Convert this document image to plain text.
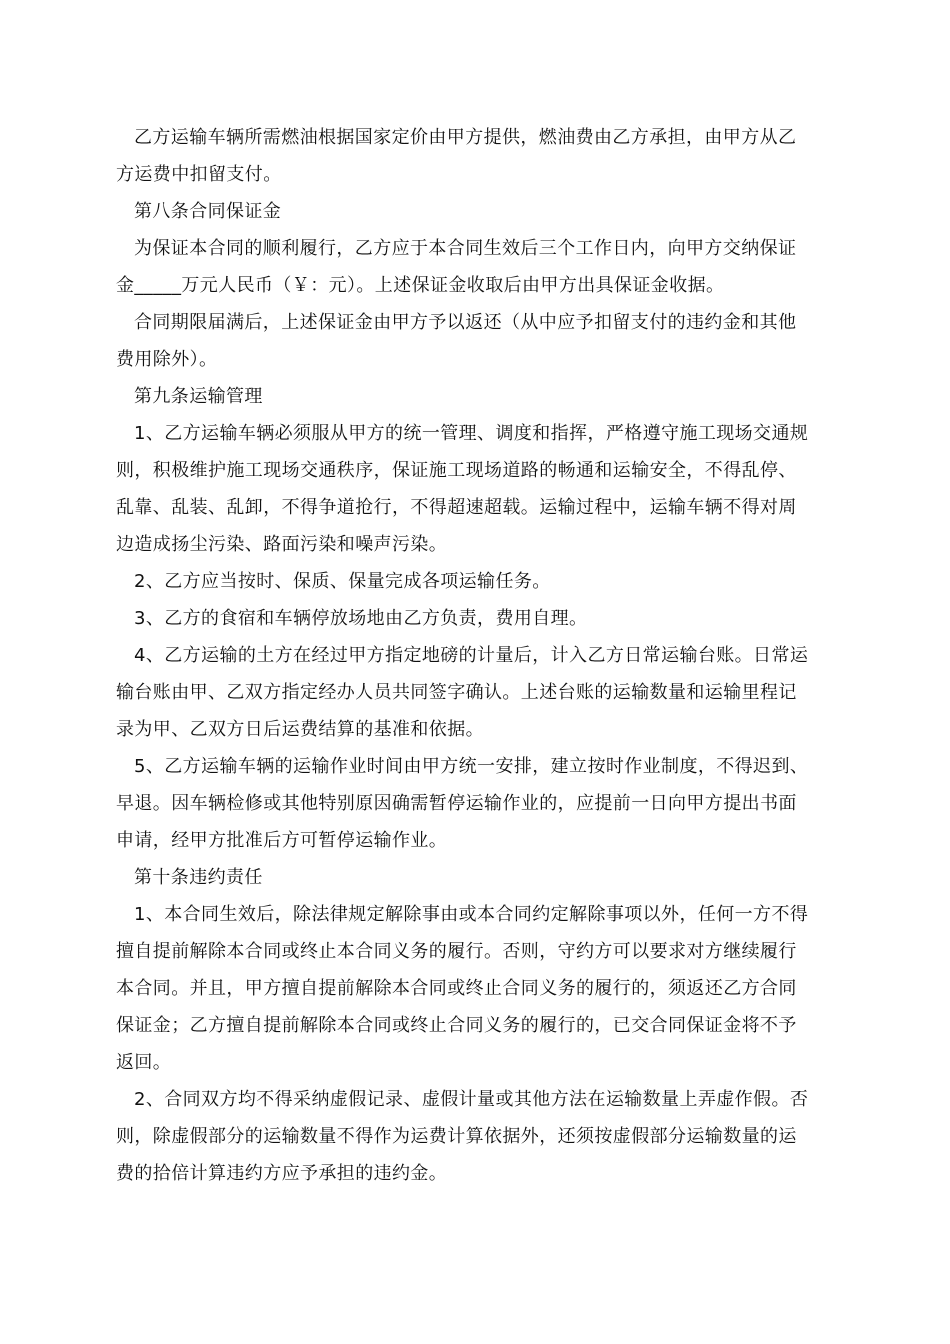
乙方运输车辆所需燃油根据国家定价由甲方提供，燃油费由乙方承担，由甲方从乙
方运费中扣留支付。

第八条合同保证金

为保证本合同的顺利履行，乙方应于本合同生效后三个工作日内，向甲方交纳保证
金_____万元人民币（￥：元）。上述保证金收取后由甲方出具保证金收据。

合同期限届满后，上述保证金由甲方予以返还（从中应予扣留支付的违约金和其他
费用除外）。

第九条运输管理

1、乙方运输车辆必须服从甲方的统一管理、调度和指挥，严格遵守施工现场交通规
则，积极维护施工现场交通秩序，保证施工现场道路的畅通和运输安全，不得乱停、
乱靠、乱装、乱卸，不得争道抢行，不得超速超载。运输过程中，运输车辆不得对周
边造成扬尘污染、路面污染和噪声污染。

2、乙方应当按时、保质、保量完成各项运输任务。

3、乙方的食宿和车辆停放场地由乙方负责，费用自理。

4、乙方运输的土方在经过甲方指定地磅的计量后，计入乙方日常运输台账。日常运
输台账由甲、乙双方指定经办人员共同签字确认。上述台账的运输数量和运输里程记
录为甲、乙双方日后运费结算的基准和依据。

5、乙方运输车辆的运输作业时间由甲方统一安排，建立按时作业制度，不得迟到、
早退。因车辆检修或其他特别原因确需暂停运输作业的，应提前一日向甲方提出书面
申请，经甲方批准后方可暂停运输作业。

第十条违约责任

1、本合同生效后，除法律规定解除事由或本合同约定解除事项以外，任何一方不得
擅自提前解除本合同或终止本合同义务的履行。否则，守约方可以要求对方继续履行
本合同。并且，甲方擅自提前解除本合同或终止合同义务的履行的，须返还乙方合同
保证金；乙方擅自提前解除本合同或终止合同义务的履行的，已交合同保证金将不予
返回。

2、合同双方均不得采纳虚假记录、虚假计量或其他方法在运输数量上弄虚作假。否
则，除虚假部分的运输数量不得作为运费计算依据外，还须按虚假部分运输数量的运
费的拾倍计算违约方应予承担的违约金。
